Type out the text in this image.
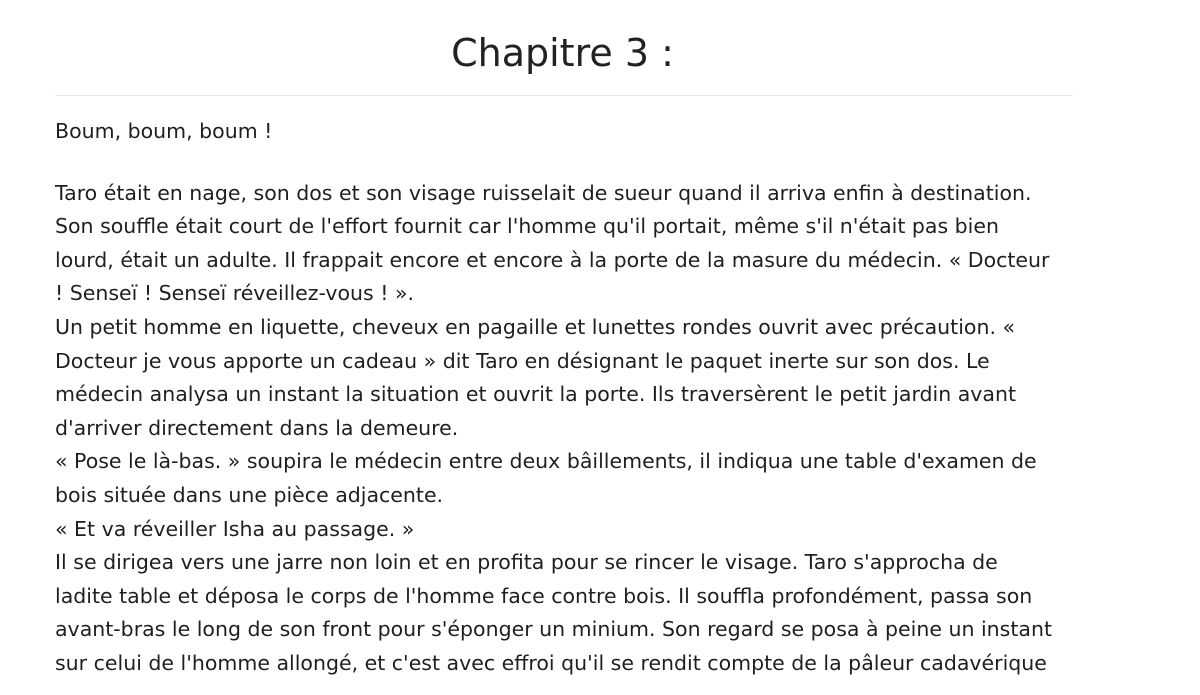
Chapitre 3 :
Boum, boum, boum !
Taro était en nage, son dos et son visage ruisselait de sueur quand il arriva enfin à destination.
Son souffle était court de l'effort fournit car l'homme qu'il portait, même s'il n'était pas bien
lourd, était un adulte. Il frappait encore et encore à la porte de la masure du médecin. « Docteur
! Senseï ! Senseï réveillez-vous ! ».
Un petit homme en liquette, cheveux en pagaille et lunettes rondes ouvrit avec précaution. «
Docteur je vous apporte un cadeau » dit Taro en désignant le paquet inerte sur son dos. Le
médecin analysa un instant la situation et ouvrit la porte. Ils traversèrent le petit jardin avant
d'arriver directement dans la demeure.
« Pose le là-bas. » soupira le médecin entre deux bâillements, il indiqua une table d'examen de
bois située dans une pièce adjacente.
« Et va réveiller Isha au passage. »
Il se dirigea vers une jarre non loin et en profita pour se rincer le visage. Taro s'approcha de
ladite table et déposa le corps de l'homme face contre bois. Il souffla profondément, passa son
avant-bras le long de son front pour s'éponger un minium. Son regard se posa à peine un instant
sur celui de l'homme allongé, et c'est avec effroi qu'il se rendit compte de la pâleur cadavérique
